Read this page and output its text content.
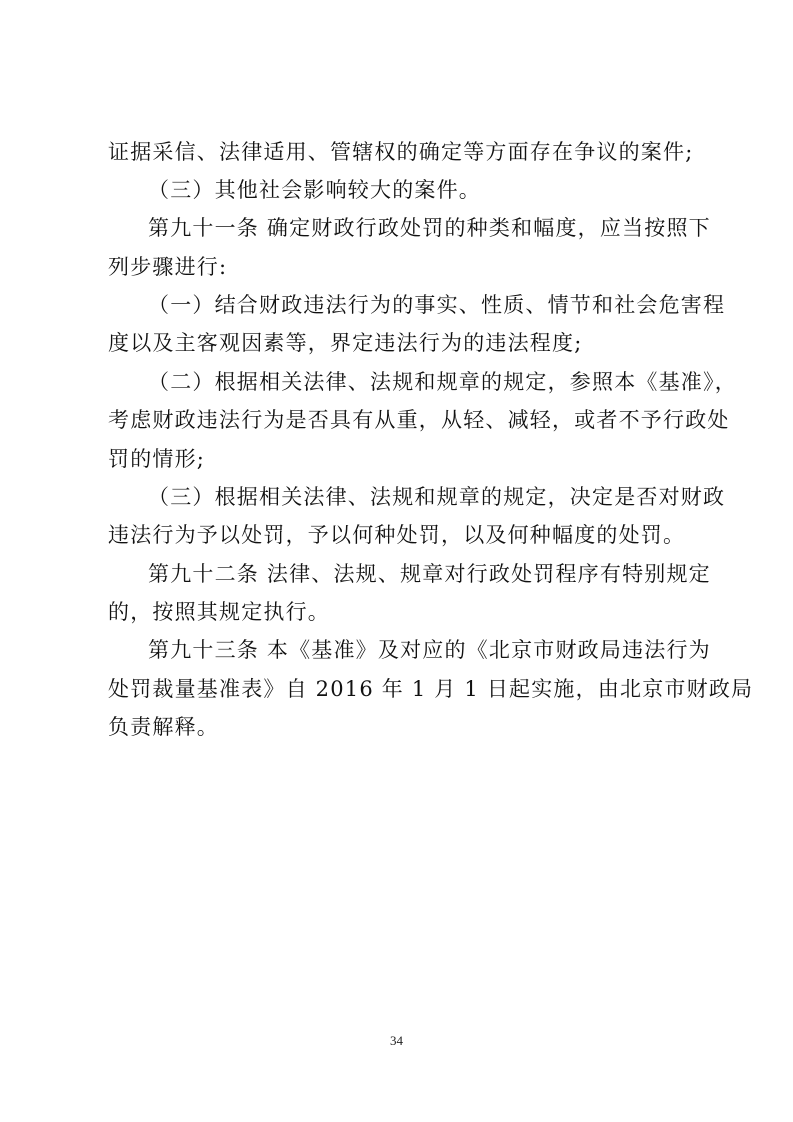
证据采信、法律适用、管辖权的确定等方面存在争议的案件;
（三）其他社会影响较大的案件。
第九十一条 确定财政行政处罚的种类和幅度，应当按照下
列步骤进行:
（一）结合财政违法行为的事实、性质、情节和社会危害程
度以及主客观因素等，界定违法行为的违法程度;
（二）根据相关法律、法规和规章的规定，参照本《基准》，
考虑财政违法行为是否具有从重，从轻、减轻，或者不予行政处
罚的情形;
（三）根据相关法律、法规和规章的规定，决定是否对财政
违法行为予以处罚，予以何种处罚，以及何种幅度的处罚。
第九十二条 法律、法规、规章对行政处罚程序有特别规定
的，按照其规定执行。
第九十三条 本《基准》及对应的《北京市财政局违法行为
处罚裁量基准表》自 2016 年 1 月 1 日起实施，由北京市财政局
负责解释。
34
